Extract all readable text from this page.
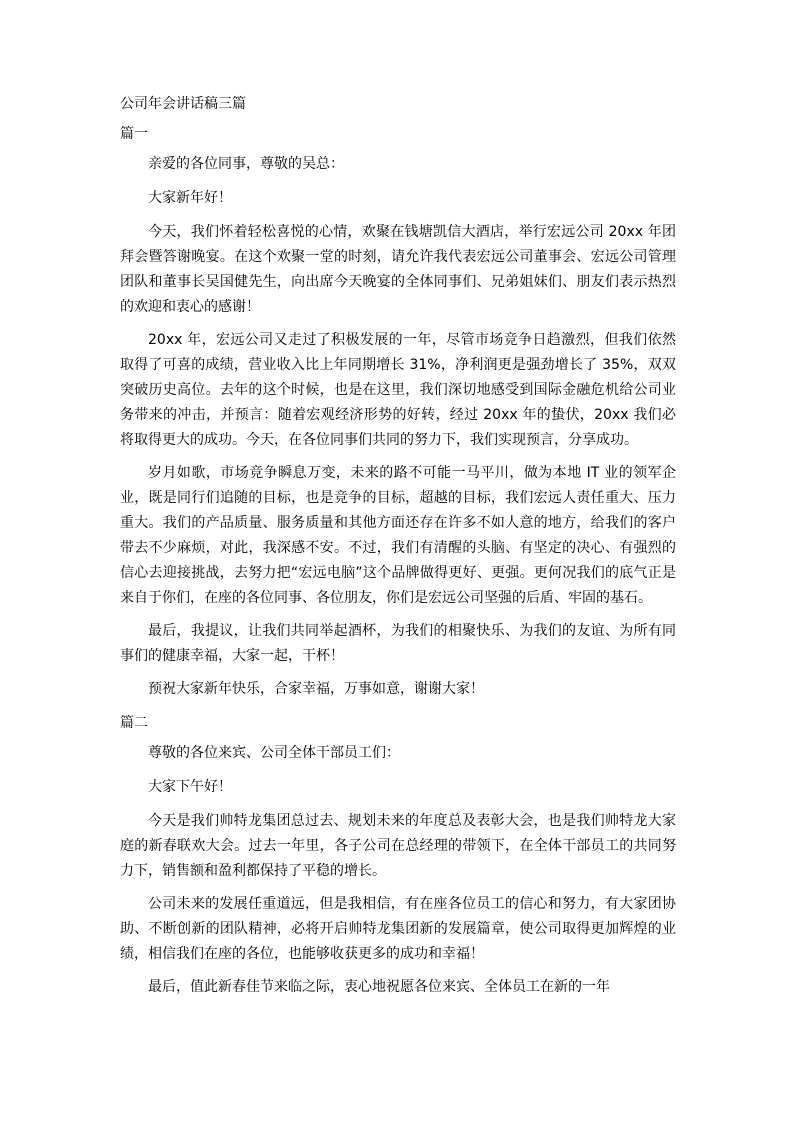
公司年会讲话稿三篇
篇一

亲爱的各位同事，尊敬的吴总：

大家新年好！

今天，我们怀着轻松喜悦的心情，欢聚在钱塘凯信大酒店，举行宏远公司 20xx 年团拜会暨答谢晚宴。在这个欢聚一堂的时刻，请允许我代表宏远公司董事会、宏远公司管理团队和董事长吴国健先生，向出席今天晚宴的全体同事们、兄弟姐妹们、朋友们表示热烈的欢迎和衷心的感谢！

20xx 年，宏远公司又走过了积极发展的一年，尽管市场竞争日趋激烈，但我们依然取得了可喜的成绩，营业收入比上年同期增长 31%，净利润更是强劲增长了 35%，双双突破历史高位。去年的这个时候，也是在这里，我们深切地感受到国际金融危机给公司业务带来的冲击，并预言：随着宏观经济形势的好转，经过 20xx 年的蛰伏，20xx 我们必将取得更大的成功。今天，在各位同事们共同的努力下，我们实现预言，分享成功。

岁月如歌，市场竞争瞬息万变，未来的路不可能一马平川，做为本地 IT 业的领军企业，既是同行们追随的目标，也是竞争的目标，超越的目标，我们宏远人责任重大、压力重大。我们的产品质量、服务质量和其他方面还存在许多不如人意的地方，给我们的客户带去不少麻烦，对此，我深感不安。不过，我们有清醒的头脑、有坚定的决心、有强烈的信心去迎接挑战，去努力把“宏远电脑”这个品牌做得更好、更强。更何况我们的底气正是来自于你们，在座的各位同事、各位朋友，你们是宏远公司坚强的后盾、牢固的基石。

最后，我提议，让我们共同举起酒杯，为我们的相聚快乐、为我们的友谊、为所有同事们的健康幸福，大家一起，干杯！

预祝大家新年快乐，合家幸福，万事如意，谢谢大家！

篇二

尊敬的各位来宾、公司全体干部员工们：

大家下午好！

今天是我们帅特龙集团总过去、规划未来的年度总及表彰大会，也是我们帅特龙大家庭的新春联欢大会。过去一年里，各子公司在总经理的带领下，在全体干部员工的共同努力下，销售额和盈利都保持了平稳的增长。

公司未来的发展任重道远，但是我相信，有在座各位员工的信心和努力，有大家团协助、不断创新的团队精神，必将开启帅特龙集团新的发展篇章，使公司取得更加辉煌的业绩，相信我们在座的各位，也能够收获更多的成功和幸福！

最后，值此新春佳节来临之际，衷心地祝愿各位来宾、全体员工在新的一年
